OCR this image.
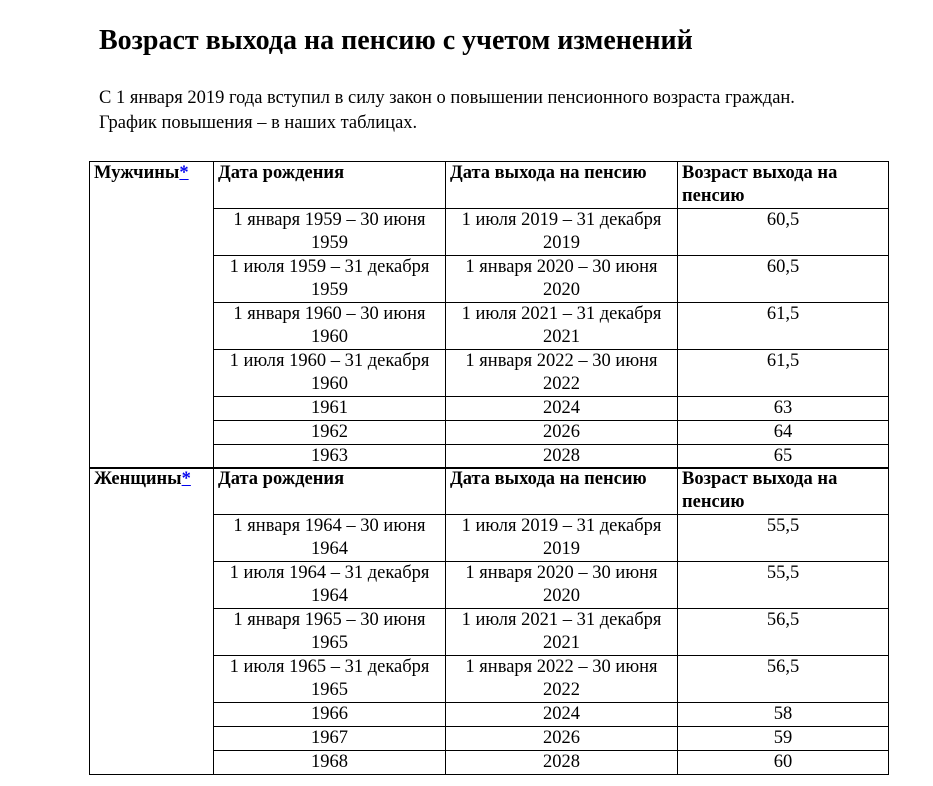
Возраст выхода на пенсию с учетом изменений

С 1 января 2019 года вступил в силу закон о повышении пенсионного возраста граждан.
График повышения – в наших таблицах.

Мужчины*	Дата рождения	Дата выхода на пенсию	Возраст выхода на пенсию
	1 января 1959 – 30 июня 1959	1 июля 2019 – 31 декабря 2019	60,5
	1 июля 1959 – 31 декабря 1959	1 января 2020 – 30 июня 2020	60,5
	1 января 1960 – 30 июня 1960	1 июля 2021 – 31 декабря 2021	61,5
	1 июля 1960 – 31 декабря 1960	1 января 2022 – 30 июня 2022	61,5
	1961	2024	63
	1962	2026	64
	1963	2028	65
Женщины*	Дата рождения	Дата выхода на пенсию	Возраст выхода на пенсию
	1 января 1964 – 30 июня 1964	1 июля 2019 – 31 декабря 2019	55,5
	1 июля 1964 – 31 декабря 1964	1 января 2020 – 30 июня 2020	55,5
	1 января 1965 – 30 июня 1965	1 июля 2021 – 31 декабря 2021	56,5
	1 июля 1965 – 31 декабря 1965	1 января 2022 – 30 июня 2022	56,5
	1966	2024	58
	1967	2026	59
	1968	2028	60
